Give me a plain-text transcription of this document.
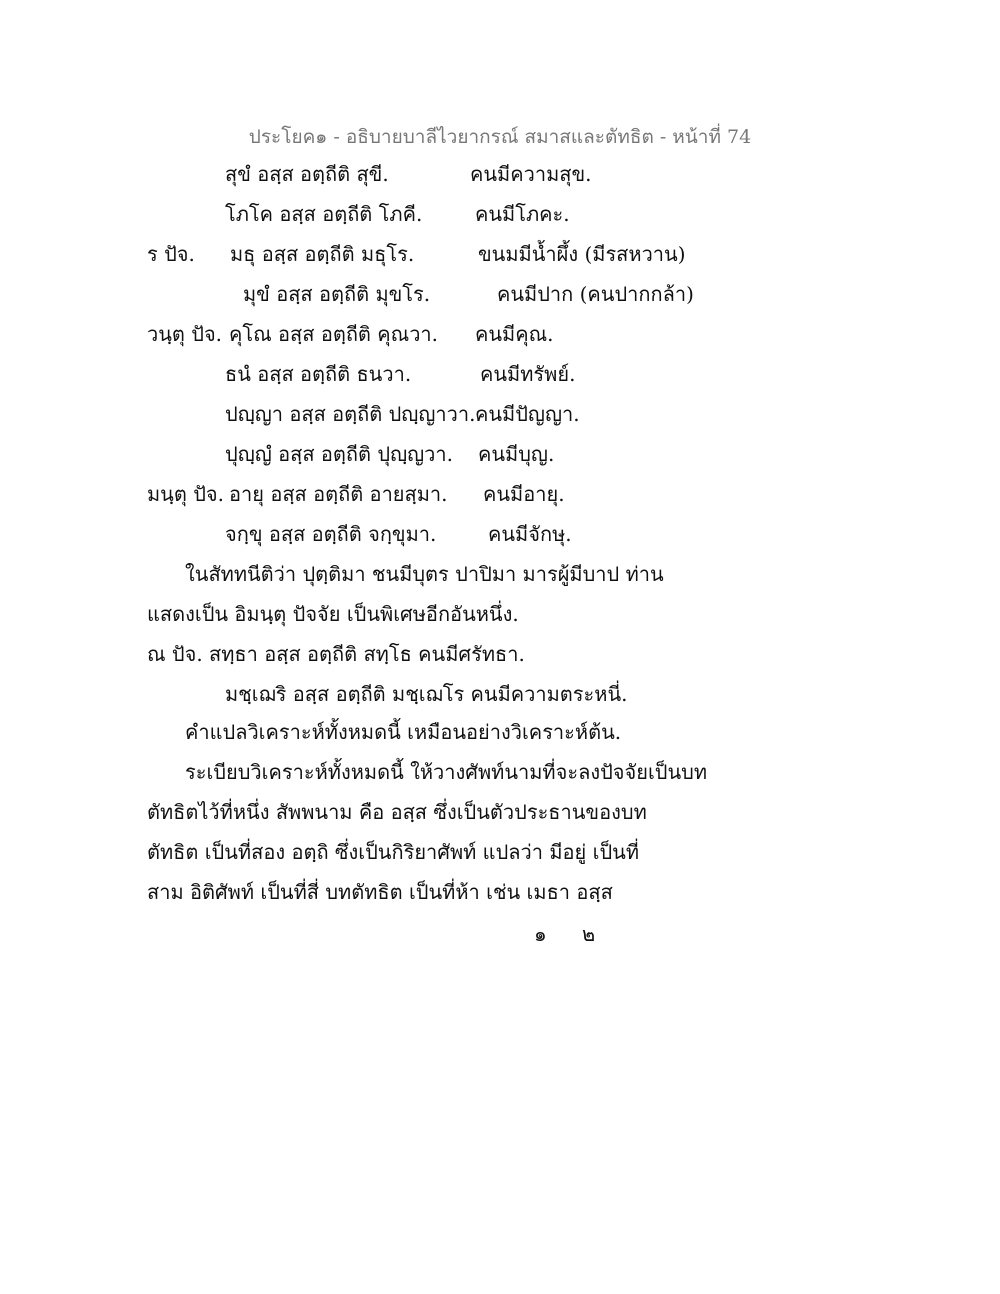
ประโยค๑ - อธิบายบาลีไวยากรณ์ สมาสและตัทธิต - หน้าที่ 74
สุขํ อสฺส อตฺถีติ สุขี.	คนมีความสุข.
โภโค อสฺส อตฺถีติ โภคี.	คนมีโภคะ.
ร ปัจ. มธุ อสฺส อตฺถีติ มธุโร.	ขนมมีน้ำผึ้ง (มีรสหวาน)
มุขํ อสฺส อตฺถีติ มุขโร.	คนมีปาก (คนปากกล้า)
วนฺตุ ปัจ. คุโณ อสฺส อตฺถีติ คุณวา. คนมีคุณ.
ธนํ อสฺส อตฺถีติ ธนวา.	คนมีทรัพย์.
ปญฺญา อสฺส อตฺถีติ ปญฺญาวา. คนมีปัญญา.
ปุญฺญํ อสฺส อตฺถีติ ปุญฺญวา. คนมีบุญ.
มนฺตุ ปัจ. อายุ อสฺส อตฺถีติ อายสฺมา. คนมีอายุ.
จกฺขุ อสฺส อตฺถีติ จกฺขุมา.	คนมีจักษุ.
ในสัททนีติว่า ปุตฺติมา ชนมีบุตร ปาปิมา มารผู้มีบาป ท่าน
แสดงเป็น อิมนฺตุ ปัจจัย เป็นพิเศษอีกอันหนึ่ง.
ณ ปัจ. สทฺธา อสฺส อตฺถีติ สทฺโธ คนมีศรัทธา.
มชฺเฌริ อสฺส อตฺถีติ มชฺเฌโร คนมีความตระหนี่.
คำแปลวิเคราะห์ทั้งหมดนี้ เหมือนอย่างวิเคราะห์ต้น.
ระเบียบวิเคราะห์ทั้งหมดนี้ ให้วางศัพท์นามที่จะลงปัจจัยเป็นบท
ตัทธิตไว้ที่หนึ่ง สัพพนาม คือ อสฺส ซึ่งเป็นตัวประธานของบท
ตัทธิต เป็นที่สอง อตฺถิ ซึ่งเป็นกิริยาศัพท์ แปลว่า มีอยู่ เป็นที่
สาม อิติศัพท์ เป็นที่สี่ บทตัทธิต เป็นที่ห้า เช่น เมธา อสฺส
๑ ๒
